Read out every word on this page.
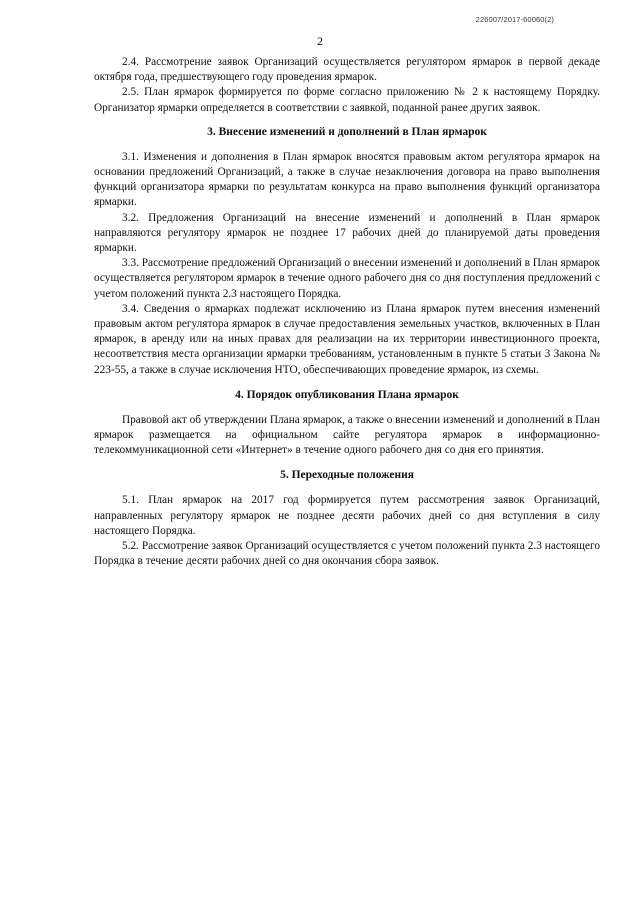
226007/2017-60060(2)
2

2.4. Рассмотрение заявок Организаций осуществляется регулятором ярмарок в первой декаде октября года, предшествующего году проведения ярмарок.

2.5. План ярмарок формируется по форме согласно приложению № 2 к настоящему Порядку. Организатор ярмарки определяется в соответствии с заявкой, поданной ранее других заявок.

3. Внесение изменений и дополнений в План ярмарок

3.1. Изменения и дополнения в План ярмарок вносятся правовым актом регулятора ярмарок на основании предложений Организаций, а также в случае незаключения договора на право выполнения функций организатора ярмарки по результатам конкурса на право выполнения функций организатора ярмарки.

3.2. Предложения Организаций на внесение изменений и дополнений в План ярмарок направляются регулятору ярмарок не позднее 17 рабочих дней до планируемой даты проведения ярмарки.

3.3. Рассмотрение предложений Организаций о внесении изменений и дополнений в План ярмарок осуществляется регулятором ярмарок в течение одного рабочего дня со дня поступления предложений с учетом положений пункта 2.3 настоящего Порядка.

3.4. Сведения о ярмарках подлежат исключению из Плана ярмарок путем внесения изменений правовым актом регулятора ярмарок в случае предоставления земельных участков, включенных в План ярмарок, в аренду или на иных правах для реализации на их территории инвестиционного проекта, несоответствия места организации ярмарки требованиям, установленным в пункте 5 статьи 3 Закона № 223-55, а также в случае исключения НТО, обеспечивающих проведение ярмарок, из схемы.

4. Порядок опубликования Плана ярмарок

Правовой акт об утверждении Плана ярмарок, а также о внесении изменений и дополнений в План ярмарок размещается на официальном сайте регулятора ярмарок в информационно-телекоммуникационной сети «Интернет» в течение одного рабочего дня со дня его принятия.

5. Переходные положения

5.1. План ярмарок на 2017 год формируется путем рассмотрения заявок Организаций, направленных регулятору ярмарок не позднее десяти рабочих дней со дня вступления в силу настоящего Порядка.

5.2. Рассмотрение заявок Организаций осуществляется с учетом положений пункта 2.3 настоящего Порядка в течение десяти рабочих дней со дня окончания сбора заявок.
